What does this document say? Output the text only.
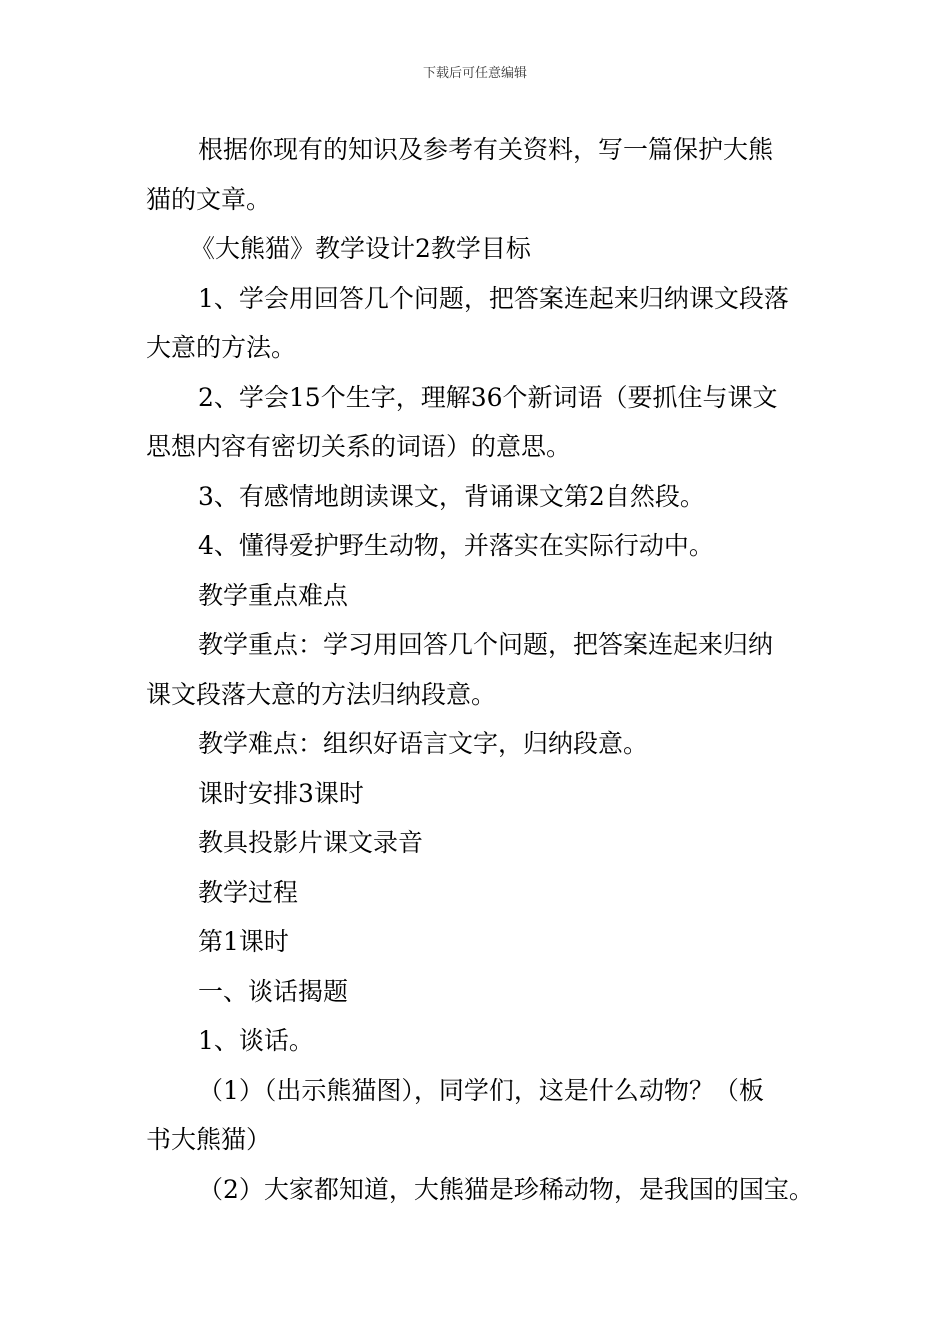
下载后可任意编辑
根据你现有的知识及参考有关资料，写一篇保护大熊
猫的文章。
《大熊猫》教学设计2教学目标
1、学会用回答几个问题，把答案连起来归纳课文段落
大意的方法。
2、学会15个生字，理解36个新词语（要抓住与课文
思想内容有密切关系的词语）的意思。
3、有感情地朗读课文，背诵课文第2自然段。
4、懂得爱护野生动物，并落实在实际行动中。
教学重点难点
教学重点：学习用回答几个问题，把答案连起来归纳
课文段落大意的方法归纳段意。
教学难点：组织好语言文字，归纳段意。
课时安排3课时
教具投影片课文录音
教学过程
第1课时
一、谈话揭题
1、谈话。
（1）（出示熊猫图），同学们，这是什么动物？（板
书大熊猫）
（2）大家都知道，大熊猫是珍稀动物，是我国的国宝。
